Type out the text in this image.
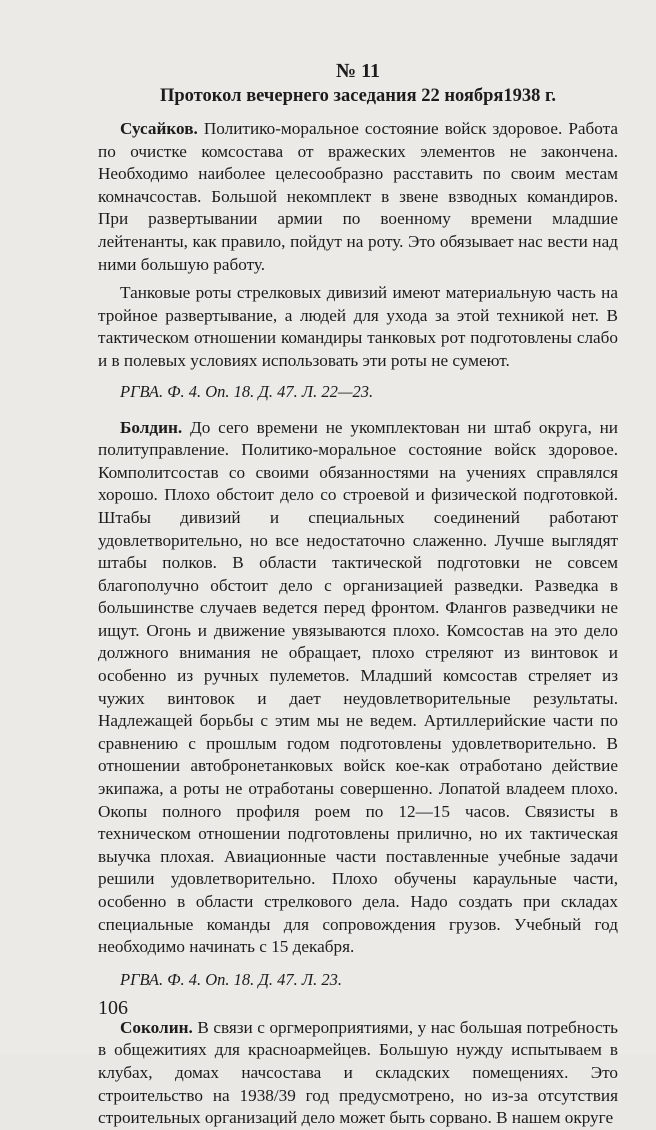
№ 11
Протокол вечернего заседания 22 ноября1938 г.

Сусайков. Политико-моральное состояние войск здоровое. Работа по очистке комсостава от вражеских элементов не закончена. Необходимо наиболее целесообразно расставить по своим местам комначсостав. Большой некомплект в звене взводных командиров. При развертывании армии по военному времени младшие лейтенанты, как правило, пойдут на роту. Это обязывает нас вести над ними большую работу.

Танковые роты стрелковых дивизий имеют материальную часть на тройное развертывание, а людей для ухода за этой техникой нет. В тактическом отношении командиры танковых рот подготовлены слабо и в полевых условиях использовать эти роты не сумеют.

РГВА. Ф. 4. Оп. 18. Д. 47. Л. 22—23.

Болдин. До сего времени не укомплектован ни штаб округа, ни политуправление. Политико-моральное состояние войск здоровое. Комполитсостав со своими обязанностями на учениях справлялся хорошо. Плохо обстоит дело со строевой и физической подготовкой. Штабы дивизий и специальных соединений работают удовлетворительно, но все недостаточно слаженно. Лучше выглядят штабы полков. В области тактической подготовки не совсем благополучно обстоит дело с организацией разведки. Разведка в большинстве случаев ведется перед фронтом. Флангов разведчики не ищут. Огонь и движение увязываются плохо. Комсостав на это дело должного внимания не обращает, плохо стреляют из винтовок и особенно из ручных пулеметов. Младший комсостав стреляет из чужих винтовок и дает неудовлетворительные результаты. Надлежащей борьбы с этим мы не ведем. Артиллерийские части по сравнению с прошлым годом подготовлены удовлетворительно. В отношении автобронетанковых войск кое-как отработано действие экипажа, а роты не отработаны совершенно. Лопатой владеем плохо. Окопы полного профиля роем по 12—15 часов. Связисты в техническом отношении подготовлены прилично, но их тактическая выучка плохая. Авиационные части поставленные учебные задачи решили удовлетворительно. Плохо обучены караульные части, особенно в области стрелкового дела. Надо создать при складах специальные команды для сопровождения грузов. Учебный год необходимо начинать с 15 декабря.

РГВА. Ф. 4. Оп. 18. Д. 47. Л. 23.

Соколин. В связи с оргмероприятиями, у нас большая потребность в общежитиях для красноармейцев. Большую нужду испытываем в клубах, домах начсостава и складских помещениях. Это строительство на 1938/39 год предусмотрено, но из-за отсутствия строительных организаций дело может быть сорвано. В нашем округе

106
